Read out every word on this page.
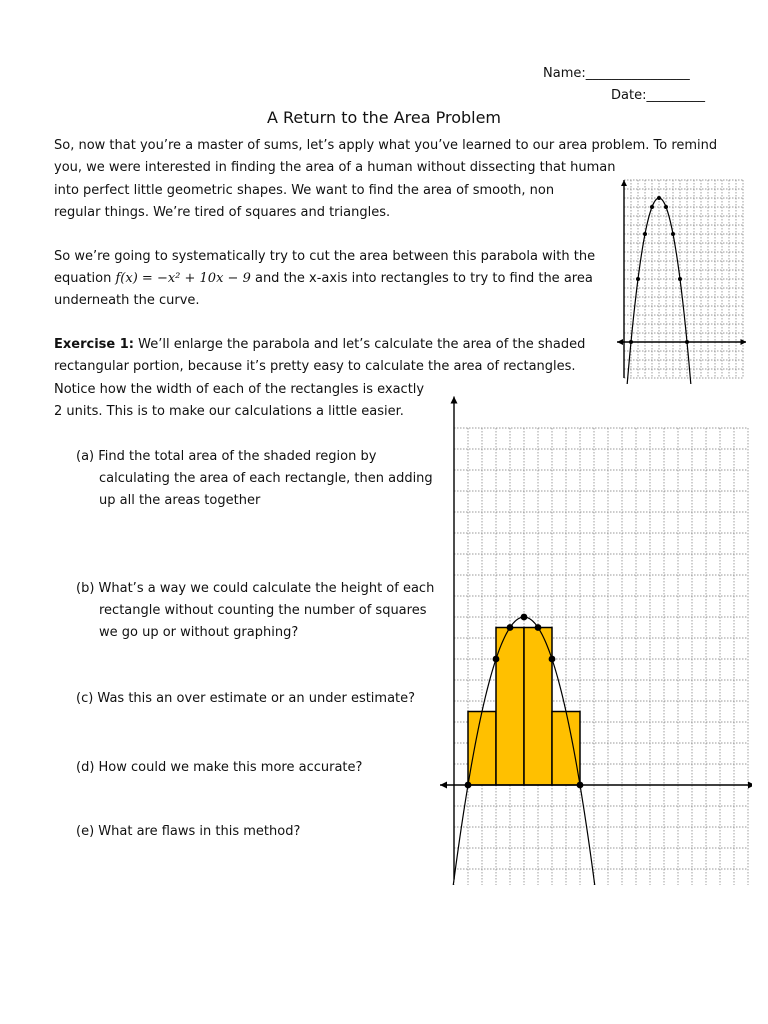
Name:________________
Date:_________
A Return to the Area Problem
So, now that you’re a master of sums, let’s apply what you’ve learned to our area problem. To remind
you, we were interested in finding the area of a human without dissecting that human
into perfect little geometric shapes. We want to find the area of smooth, non
regular things. We’re tired of squares and triangles.
So we’re going to systematically try to cut the area between this parabola with the
equation f(x) = −x² + 10x − 9 and the x-axis into rectangles to try to find the area
underneath the curve.
Exercise 1: We’ll enlarge the parabola and let’s calculate the area of the shaded
rectangular portion, because it’s pretty easy to calculate the area of rectangles.
Notice how the width of each of the rectangles is exactly
2 units. This is to make our calculations a little easier.
(a) Find the total area of the shaded region by
calculating the area of each rectangle, then adding
up all the areas together
(b) What’s a way we could calculate the height of each
rectangle without counting the number of squares
we go up or without graphing?
(c) Was this an over estimate or an under estimate?
(d) How could we make this more accurate?
(e) What are flaws in this method?
